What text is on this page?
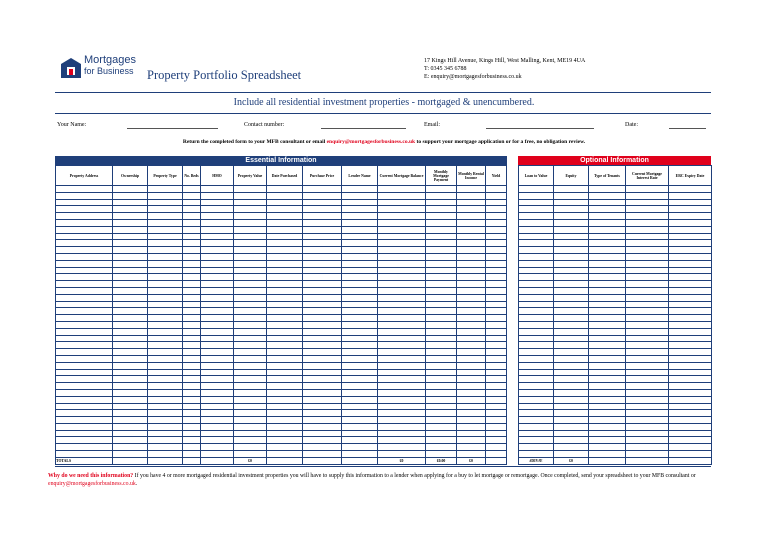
Mortgages
for Business Property Portfolio Spreadsheet
17 Kings Hill Avenue, Kings Hill, West Malling, Kent, ME19 4UA
T: 0345 345 6788
E: enquiry@mortgagesforbusiness.co.uk
Include all residential investment properties - mortgaged & unencumbered.
Your Name:	Contact number:	Email:	Date:
Return the completed form to your MFB consultant or email enquiry@mortgagesforbusiness.co.uk to support your mortgage application or for a free, no obligation review.
Essential Information	Optional Information
Property Address	Ownership	Property Type	No. Beds	HMO	Property Value	Date Purchased	Purchase Price	Lender Name	Current Mortgage Balance	Monthly Mortgage Payment	Monthly Rental Income	Yield

TOTALS					£0				£0	£0.00	£0	
Loan to Value	Equity	Type of Tenants	Current Mortgage Interest Rate	ERC Expiry Date

#DIV/0!	£0			
Why do we need this information? If you have 4 or more mortgaged residential investment properties you will have to supply this information to a lender when applying for a buy to let mortgage or remortgage. Once completed, send your spreadsheet to your MFB consultant or enquiry@mortgagesforbusiness.co.uk.
